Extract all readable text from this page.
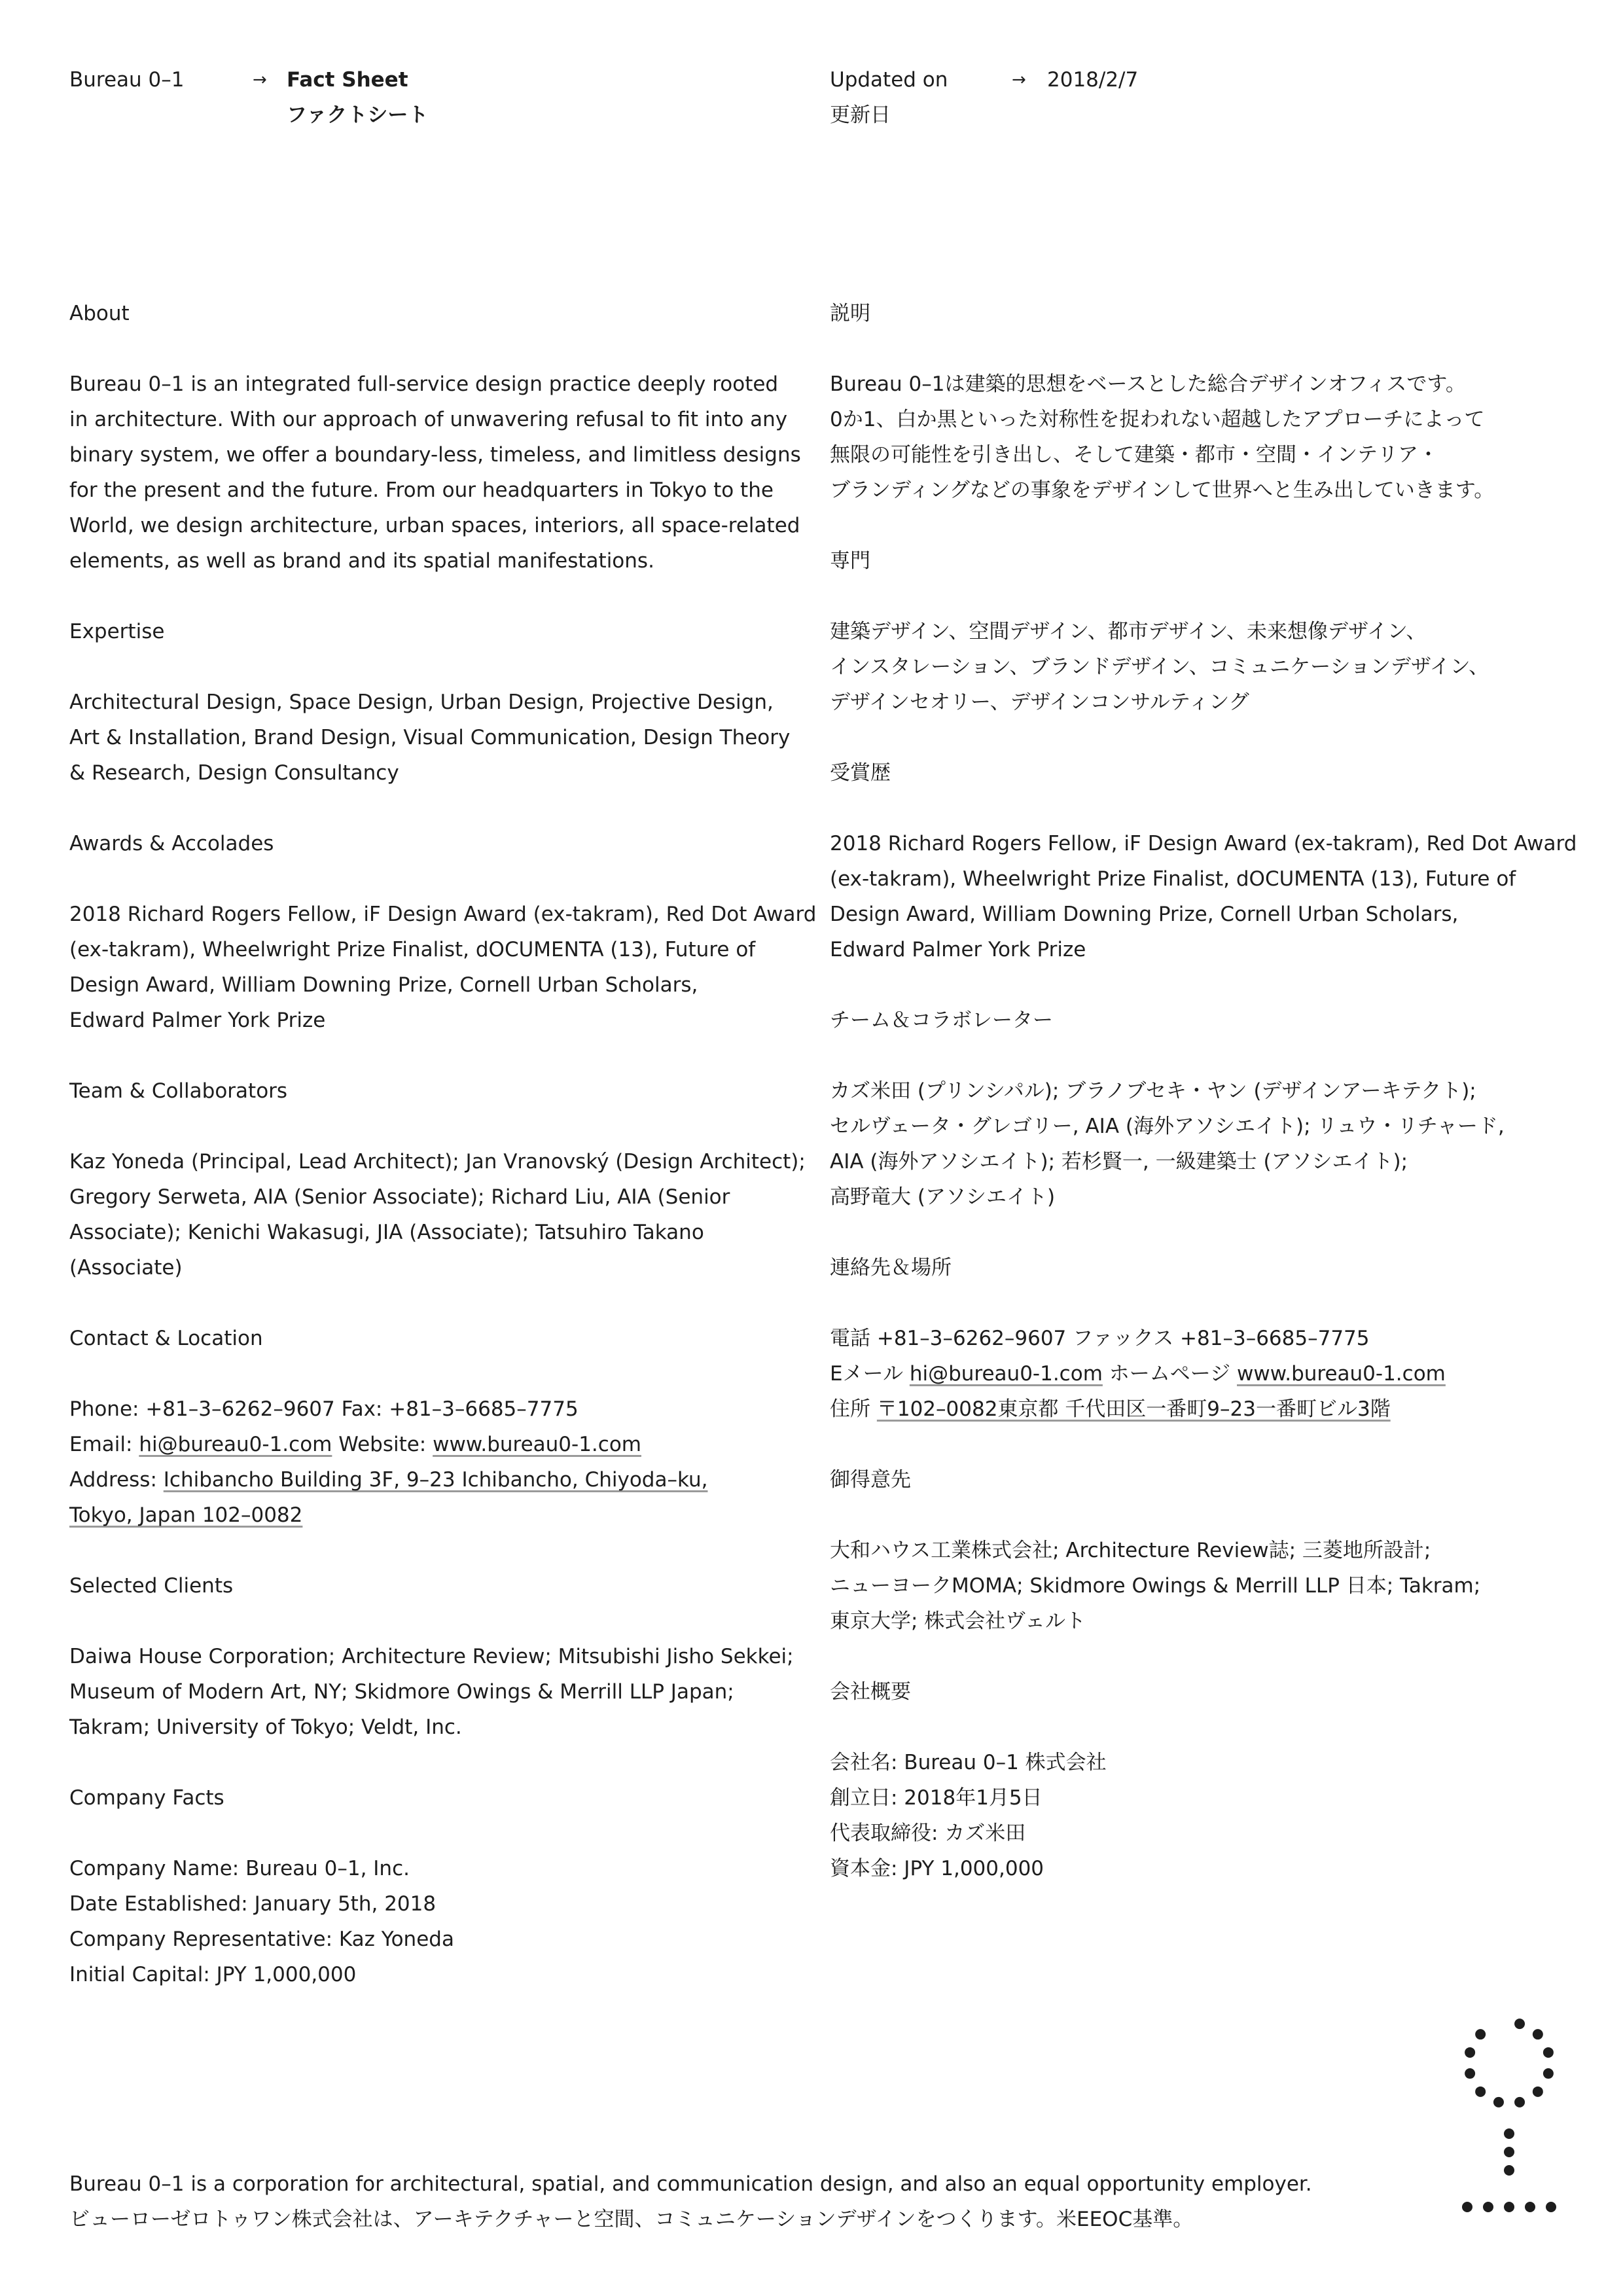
Bureau 0–1	→ Fact Sheet
ファクトシート
Updated on
更新日
→ 2018/2/7
About
Bureau 0–1 is an integrated full-service design practice deeply rooted
in architecture. With our approach of unwavering refusal to fit into any
binary system, we offer a boundary-less, timeless, and limitless designs
for the present and the future. From our headquarters in Tokyo to the
World, we design architecture, urban spaces, interiors, all space-related
elements, as well as brand and its spatial manifestations.
Expertise
Architectural Design, Space Design, Urban Design, Projective Design,
Art & Installation, Brand Design, Visual Communication, Design Theory
& Research, Design Consultancy
Awards & Accolades
2018 Richard Rogers Fellow, iF Design Award (ex-takram), Red Dot Award
(ex-takram), Wheelwright Prize Finalist, dOCUMENTA (13), Future of
Design Award, William Downing Prize, Cornell Urban Scholars,
Edward Palmer York Prize
Team & Collaborators
Kaz Yoneda (Principal, Lead Architect); Jan Vranovský (Design Architect);
Gregory Serweta, AIA (Senior Associate); Richard Liu, AIA (Senior
Associate); Kenichi Wakasugi, JIA (Associate); Tatsuhiro Takano
(Associate)
Contact & Location
Phone: +81–3–6262–9607 Fax: +81–3–6685–7775
Email: hi@bureau0-1.com Website: www.bureau0-1.com
Address: Ichibancho Building 3F, 9–23 Ichibancho, Chiyoda–ku,
Tokyo, Japan 102–0082
Selected Clients
Daiwa House Corporation; Architecture Review; Mitsubishi Jisho Sekkei;
Museum of Modern Art, NY; Skidmore Owings & Merrill LLP Japan;
Takram; University of Tokyo; Veldt, Inc.
Company Facts
Company Name: Bureau 0–1, Inc.
Date Established: January 5th, 2018
Company Representative: Kaz Yoneda
Initial Capital: JPY 1,000,000
説明
Bureau 0–1は建築的思想をベースとした総合デザインオフィスです。
0か1、白か黒といった対称性を捉われない超越したアプローチによって
無限の可能性を引き出し、そして建築・都市・空間・インテリア・
ブランディングなどの事象をデザインして世界へと生み出していきます。
専門
建築デザイン、空間デザイン、都市デザイン、未来想像デザイン、
インスタレーション、ブランドデザイン、コミュニケーションデザイン、
デザインセオリー、デザインコンサルティング
受賞歴
2018 Richard Rogers Fellow, iF Design Award (ex-takram), Red Dot Award
(ex-takram), Wheelwright Prize Finalist, dOCUMENTA (13), Future of
Design Award, William Downing Prize, Cornell Urban Scholars,
Edward Palmer York Prize
チーム＆コラボレーター
カズ米田 (プリンシパル); ブラノブセキ・ヤン (デザインアーキテクト);
セルヴェータ・グレゴリー, AIA (海外アソシエイト); リュウ・リチャード,
AIA (海外アソシエイト); 若杉賢一, 一級建築士 (アソシエイト);
高野竜大 (アソシエイト)
連絡先＆場所
電話 +81–3–6262–9607 ファックス +81–3–6685–7775
Eメール hi@bureau0-1.com ホームページ www.bureau0-1.com
住所 〒102–0082東京都 千代田区一番町9–23一番町ビル3階
御得意先
大和ハウス工業株式会社; Architecture Review誌; 三菱地所設計;
ニューヨークMOMA; Skidmore Owings & Merrill LLP 日本; Takram;
東京大学; 株式会社ヴェルト
会社概要
会社名: Bureau 0–1 株式会社
創立日: 2018年1月5日
代表取締役: カズ米田
資本金: JPY 1,000,000
Bureau 0–1 is a corporation for architectural, spatial, and communication design, and also an equal opportunity employer.
ビューローゼロトゥワン株式会社は、アーキテクチャーと空間、コミュニケーションデザインをつくります。米EEOC基準。
